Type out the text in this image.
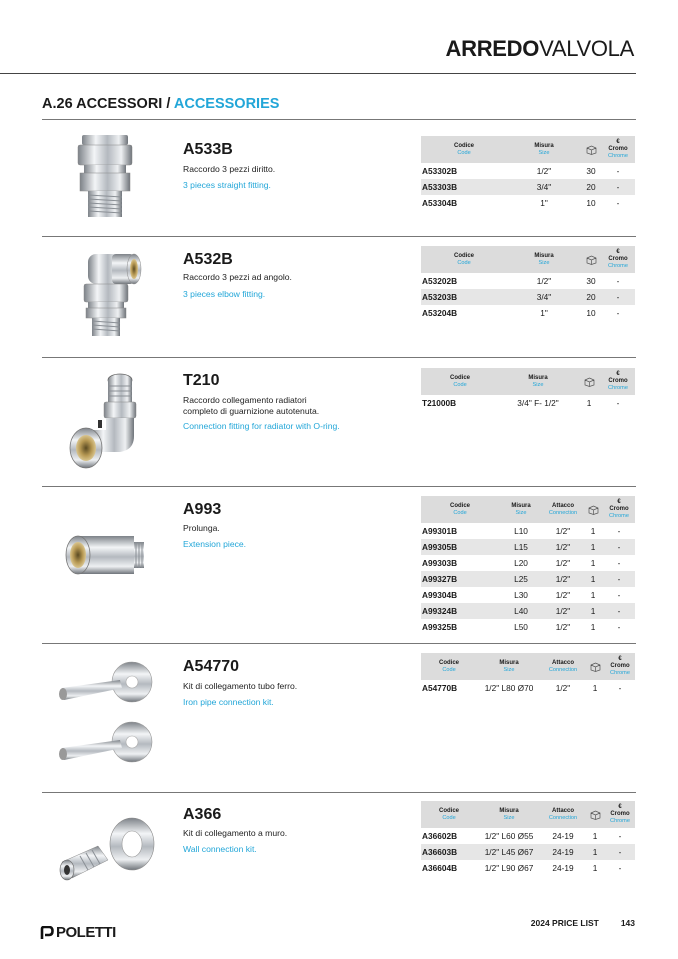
ARREDOVALVOLA
A.26 ACCESSORI / ACCESSORIES
A533B
Raccordo 3 pezzi diritto.
3 pieces straight fitting.
Codice
Code	Misura
Size		€
Cromo
Chrome

A53302B	1/2"	30	-
A53303B	3/4"	20	-
A53304B	1"	10	-
A532B
Raccordo 3 pezzi ad angolo.
3 pieces elbow fitting.
Codice
Code	Misura
Size		€
Cromo
Chrome

A53202B	1/2"	30	-
A53203B	3/4"	20	-
A53204B	1"	10	-
T210
Raccordo collegamento radiatori completo di guarnizione autotenuta.
Connection fitting for radiator with O-ring.
Codice
Code	Misura
Size		€
Cromo
Chrome

T21000B	3/4" F- 1/2"	1	-
A993
Prolunga.
Extension piece.
Codice
Code	Misura
Size	Attacco
Connection		€
Cromo
Chrome

A99301B	L10	1/2"	1	-
A99305B	L15	1/2"	1	-
A99303B	L20	1/2"	1	-
A99327B	L25	1/2"	1	-
A99304B	L30	1/2"	1	-
A99324B	L40	1/2"	1	-
A99325B	L50	1/2"	1	-
A54770
Kit di collegamento tubo ferro.
Iron pipe connection kit.
Codice
Code	Misura
Size	Attacco
Connection		€
Cromo
Chrome

A54770B	1/2" L80 Ø70	1/2"	1	-
A366
Kit di collegamento a muro.
Wall connection kit.
Codice
Code	Misura
Size	Attacco
Connection		€
Cromo
Chrome

A36602B	1/2" L60 Ø55	24-19	1	-
A36603B	1/2" L45 Ø67	24-19	1	-
A36604B	1/2" L90 Ø67	24-19	1	-
POLETTI
2024 PRICE LIST	143
